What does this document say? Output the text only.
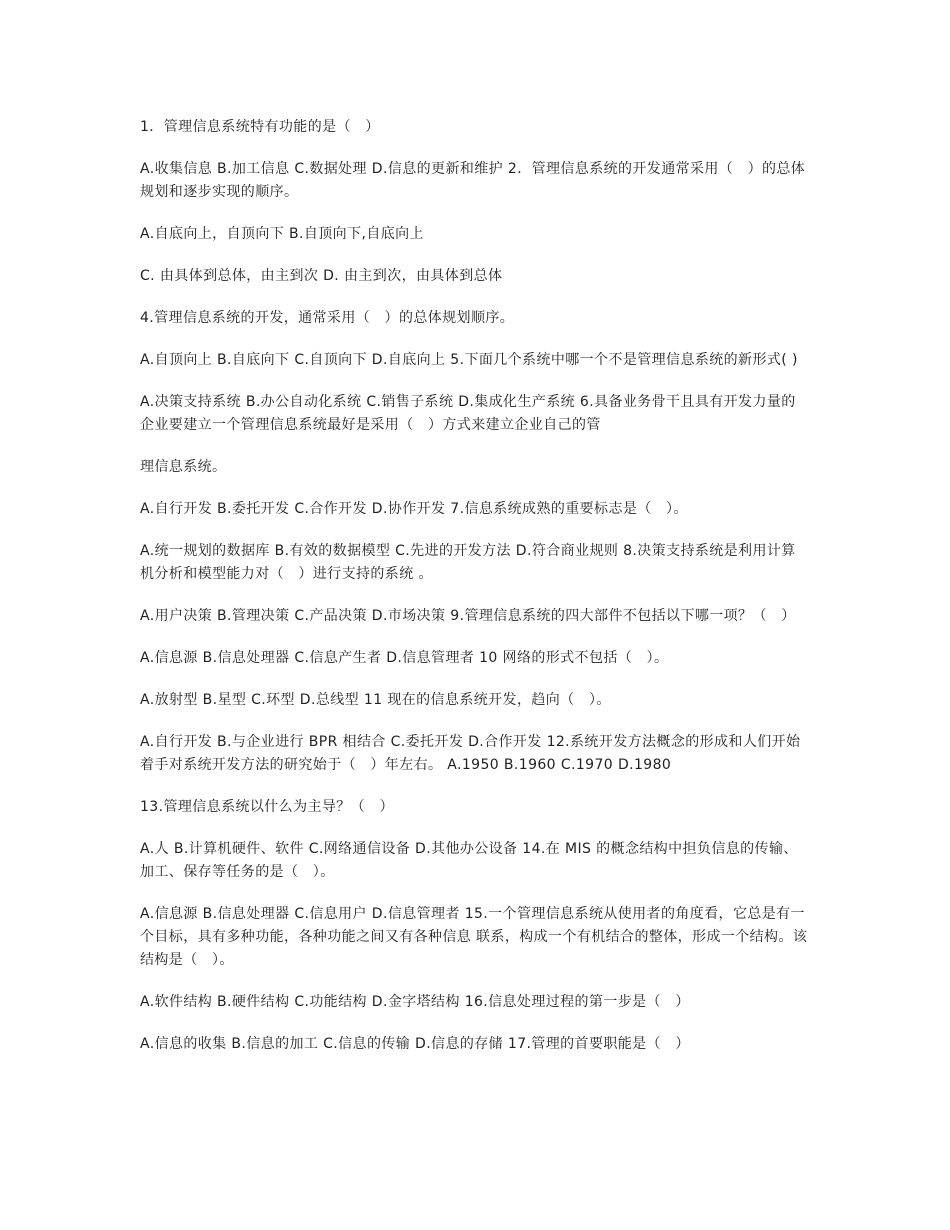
1．管理信息系统特有功能的是（　）

A.收集信息 B.加工信息 C.数据处理 D.信息的更新和维护 2．管理信息系统的开发通常采用（　）的总体规划和逐步实现的顺序。

A.自底向上，自顶向下 B.自顶向下,自底向上

C. 由具体到总体，由主到次 D. 由主到次，由具体到总体

4.管理信息系统的开发，通常采用（　）的总体规划顺序。

A.自顶向上 B.自底向下 C.自顶向下 D.自底向上 5.下面几个系统中哪一个不是管理信息系统的新形式( )

A.决策支持系统 B.办公自动化系统 C.销售子系统 D.集成化生产系统 6.具备业务骨干且具有开发力量的企业要建立一个管理信息系统最好是采用（　）方式来建立企业自己的管

理信息系统。

A.自行开发 B.委托开发 C.合作开发 D.协作开发 7.信息系统成熟的重要标志是（　）。

A.统一规划的数据库 B.有效的数据模型 C.先进的开发方法 D.符合商业规则 8.决策支持系统是利用计算机分析和模型能力对（　）进行支持的系统 。

A.用户决策 B.管理决策 C.产品决策 D.市场决策 9.管理信息系统的四大部件不包括以下哪一项？（　）

A.信息源 B.信息处理器 C.信息产生者 D.信息管理者 10 网络的形式不包括（　）。

A.放射型 B.星型 C.环型 D.总线型 11 现在的信息系统开发，趋向（　）。

A.自行开发 B.与企业进行 BPR 相结合 C.委托开发 D.合作开发 12.系统开发方法概念的形成和人们开始着手对系统开发方法的研究始于（　）年左右。 A.1950 B.1960 C.1970 D.1980

13.管理信息系统以什么为主导？（　）

A.人 B.计算机硬件、软件 C.网络通信设备 D.其他办公设备 14.在 MIS 的概念结构中担负信息的传输、加工、保存等任务的是（　）。

A.信息源 B.信息处理器 C.信息用户 D.信息管理者 15.一个管理信息系统从使用者的角度看，它总是有一个目标，具有多种功能，各种功能之间又有各种信息 联系，构成一个有机结合的整体，形成一个结构。该结构是（　）。

A.软件结构 B.硬件结构 C.功能结构 D.金字塔结构 16.信息处理过程的第一步是（　）

A.信息的收集 B.信息的加工 C.信息的传输 D.信息的存储 17.管理的首要职能是（　）
